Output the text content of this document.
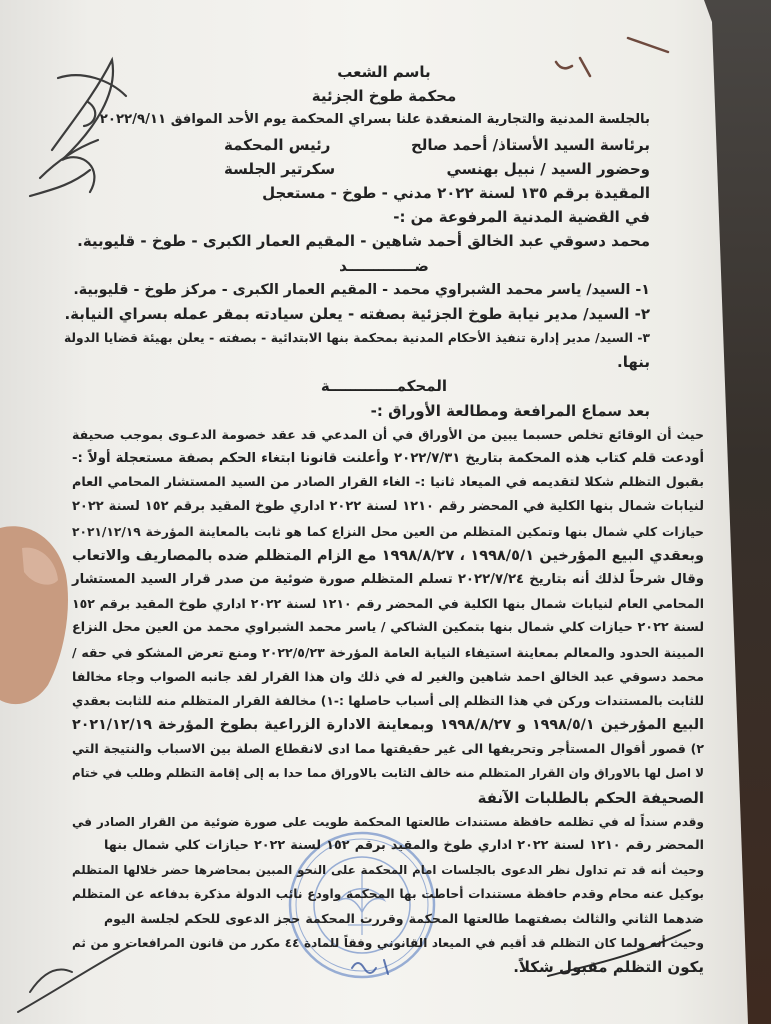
باسم الشعب
محكمة طوخ الجزئية
بالجلسة المدنية والتجارية المنعقدة علنا بسراي المحكمة يوم الأحد الموافق ٢٠٢٢/٩/١١
برئاسة السيد الأستاذ/ أحمد صالح
رئيس المحكمة
وحضور السيد / نبيل بهنسي
سكرتير الجلسة
المقيدة برقم ١٣٥ لسنة ٢٠٢٢ مدني - طوخ - مستعجل
في القضية المدنية المرفوعة من :-
محمد دسوقي عبد الخالق أحمد شاهين - المقيم العمار الكبرى - طوخ - قليوبية.
ضـــــــــــــد
١- السيد/ ياسر محمد الشبراوي محمد - المقيم العمار الكبرى - مركز طوخ - قليوبية.
٢- السيد/ مدير نيابة طوخ الجزئية بصفته - يعلن سيادته بمقر عمله بسراي النيابة.
٣- السيد/ مدير إدارة تنفيذ الأحكام المدنية بمحكمة بنها الابتدائية - بصفته - يعلن بهيئة قضايا الدولة
بنها.
المحكمـــــــــــــة
بعد سماع المرافعة ومطالعة الأوراق :-
حيث أن الوقائع تخلص حسبما يبين من الأوراق في أن المدعي قد عقد خصومة الدعـوى بموجب صحيفة
أودعت قلم كتاب هذه المحكمة بتاريخ ٢٠٢٢/٧/٣١ وأعلنت قانونا ابتغاء الحكم بصفة مستعجلة أولاً :-
بقبول التظلم شكلا لتقديمه في الميعاد ثانيا :- الغاء القرار الصادر من السيد المستشار المحامي العام
لنيابات شمال بنها الكلية في المحضر رقم ١٢١٠ لسنة ٢٠٢٢ اداري طوخ المقيد برقم ١٥٢ لسنة ٢٠٢٢
حيازات كلي شمال بنها وتمكين المتظلم من العين محل النزاع كما هو ثابت بالمعاينة المؤرخة ٢٠٢١/١٢/١٩
وبعقدي البيع المؤرخين ١٩٩٨/٥/١ ، ١٩٩٨/٨/٢٧ مع الزام المتظلم ضده بالمصاريف والاتعاب
وقال شرحاً لذلك أنه بتاريخ ٢٠٢٢/٧/٢٤ تسلم المتظلم صورة ضوئية من صدر قرار السيد المستشار
المحامي العام لنيابات شمال بنها الكلية في المحضر رقم ١٢١٠ لسنة ٢٠٢٢ اداري طوخ المقيد برقم ١٥٢
لسنة ٢٠٢٢ حيازات كلي شمال بنها بتمكين الشاكي / ياسر محمد الشبراوي محمد من العين محل النزاع
المبينة الحدود والمعالم بمعاينة استيفاء النيابة العامة المؤرخة ٢٠٢٢/٥/٢٣ ومنع تعرض المشكو في حقه /
محمد دسوقي عبد الخالق احمد شاهين والغير له في ذلك وان هذا القرار لقد جانبه الصواب وجاء مخالفا
للثابت بالمستندات وركن في هذا التظلم إلى أسباب حاصلها :-١) مخالفة القرار المتظلم منه للثابت بعقدي
البيع المؤرخين ١٩٩٨/٥/١ و ١٩٩٨/٨/٢٧ وبمعاينة الادارة الزراعية بطوخ المؤرخة ٢٠٢١/١٢/١٩
٢) قصور أقوال المستأجر وتحريفها الى غير حقيقتها مما ادى لانقطاع الصلة بين الاسباب والنتيجة التي
لا اصل لها بالاوراق وان القرار المتظلم منه خالف الثابت بالاوراق مما حدا به إلى إقامة التظلم وطلب في ختام
الصحيفة الحكم بالطلبات الآنفة
وقدم سنداً له في تظلمه حافظة مستندات طالعتها المحكمة طويت على صورة ضوئية من القرار الصادر في
المحضر رقم ١٢١٠ لسنة ٢٠٢٢ اداري طوخ والمقيد برقم ١٥٢ لسنة ٢٠٢٢ حيازات كلي شمال بنها
وحيث أنه قد تم تداول نظر الدعوى بالجلسات امام المحكمة على النحو المبين بمحاضرها حضر خلالها المتظلم
بوكيل عنه محام وقدم حافظة مستندات أحاطت بها المحكمة واودع نائب الدولة مذكرة بدفاعه عن المتظلم
ضدهما الثاني والثالث بصفتهما طالعتها المحكمة وقررت المحكمة حجز الدعوى للحكم لجلسة اليوم
وحيث أنه ولما كان التظلم قد أقيم في الميعاد القانوني وفقاً للمادة ٤٤ مكرر من قانون المرافعات و من ثم
يكون التظلم مقبول شكلاً.
